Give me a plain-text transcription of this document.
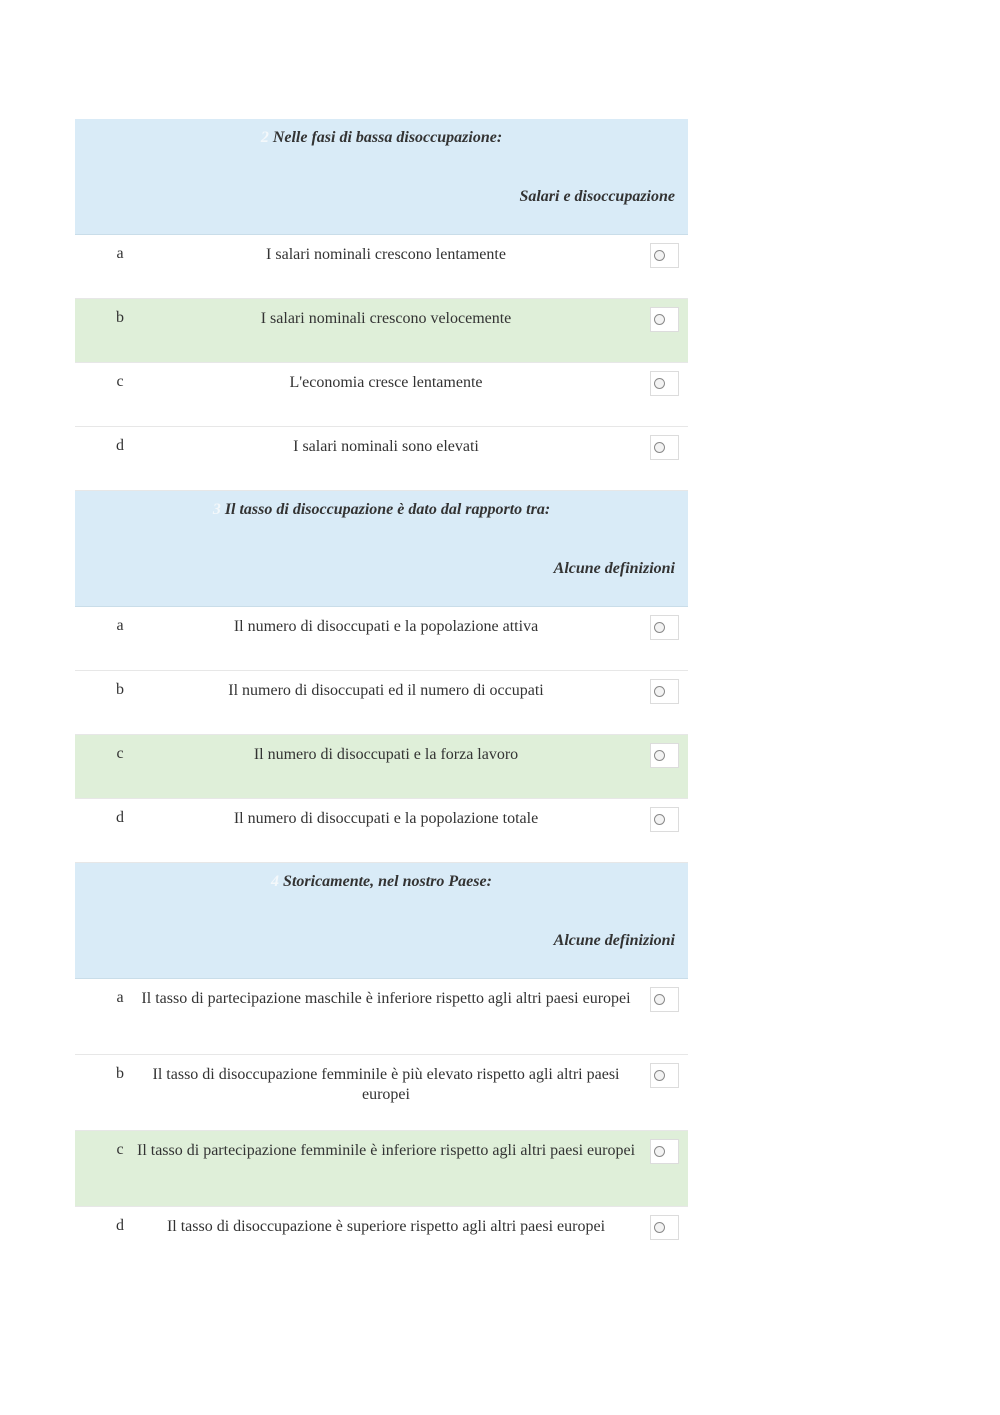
2 Nelle fasi di bassa disoccupazione:
Salari e disoccupazione
a	I salari nominali crescono lentamente
b	I salari nominali crescono velocemente
c	L'economia cresce lentamente
d	I salari nominali sono elevati
3 Il tasso di disoccupazione è dato dal rapporto tra:
Alcune definizioni
a	Il numero di disoccupati e la popolazione attiva
b	Il numero di disoccupati ed il numero di occupati
c	Il numero di disoccupati e la forza lavoro
d	Il numero di disoccupati e la popolazione totale
4 Storicamente, nel nostro Paese:
Alcune definizioni
a	Il tasso di partecipazione maschile è inferiore rispetto agli altri paesi europei
b	Il tasso di disoccupazione femminile è più elevato rispetto agli altri paesi europei
c Il tasso di partecipazione femminile è inferiore rispetto agli altri paesi europei
d	Il tasso di disoccupazione è superiore rispetto agli altri paesi europei
